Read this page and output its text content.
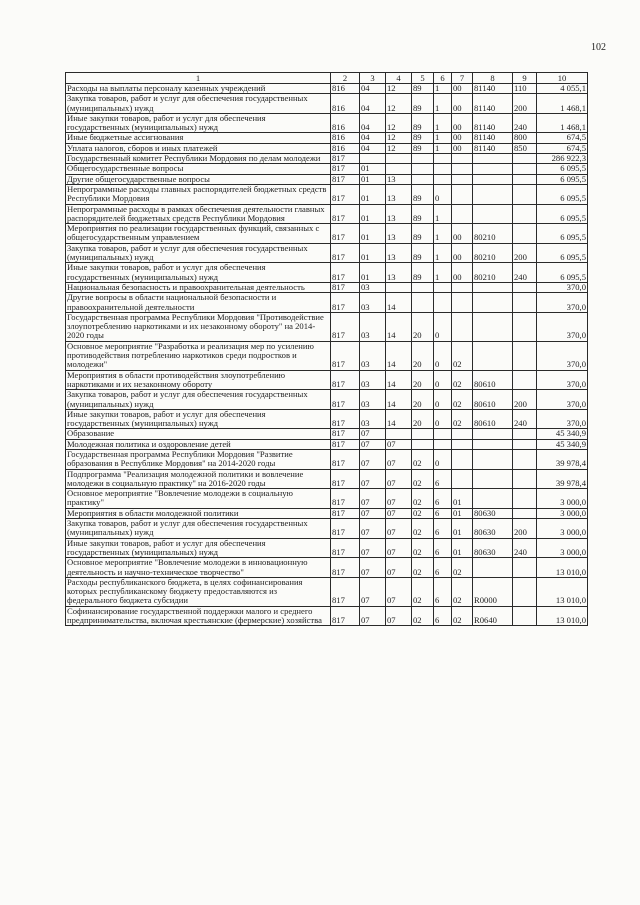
102
1	2	3	4	5	6	7	8	9	10
Расходы на выплаты персоналу казенных учреждений	816	04	12	89	1	00	81140	110	4 055,1
Закупка товаров, работ и услуг для обеспечения государственных (муниципальных) нужд	816	04	12	89	1	00	81140	200	1 468,1
Иные закупки товаров, работ и услуг для обеспечения государственных (муниципальных) нужд	816	04	12	89	1	00	81140	240	1 468,1
Иные бюджетные ассигнования	816	04	12	89	1	00	81140	800	674,5
Уплата налогов, сборов и иных платежей	816	04	12	89	1	00	81140	850	674,5
Государственный комитет Республики Мордовия по делам молодежи	817								286 922,3
Общегосударственные вопросы	817	01							6 095,5
Другие общегосударственные вопросы	817	01	13						6 095,5
Непрограммные расходы главных распорядителей бюджетных средств Республики Мордовия	817	01	13	89	0				6 095,5
Непрограммные расходы в рамках обеспечения деятельности главных распорядителей бюджетных средств Республики Мордовия	817	01	13	89	1				6 095,5
Мероприятия по реализации государственных функций, связанных с общегосударственным управлением	817	01	13	89	1	00	80210		6 095,5
Закупка товаров, работ и услуг для обеспечения государственных (муниципальных) нужд	817	01	13	89	1	00	80210	200	6 095,5
Иные закупки товаров, работ и услуг для обеспечения государственных (муниципальных) нужд	817	01	13	89	1	00	80210	240	6 095,5
Национальная безопасность и правоохранительная деятельность	817	03							370,0
Другие вопросы в области национальной безопасности и правоохранительной деятельности	817	03	14						370,0
Государственная программа Республики Мордовия "Противодействие злоупотреблению наркотиками и их незаконному обороту" на 2014-2020 годы	817	03	14	20	0				370,0
Основное мероприятие "Разработка и реализация мер по усилению противодействия потреблению наркотиков среди подростков и молодежи"	817	03	14	20	0	02			370,0
Мероприятия в области противодействия злоупотреблению наркотиками и их незаконному обороту	817	03	14	20	0	02	80610		370,0
Закупка товаров, работ и услуг для обеспечения государственных (муниципальных) нужд	817	03	14	20	0	02	80610	200	370,0
Иные закупки товаров, работ и услуг для обеспечения государственных (муниципальных) нужд	817	03	14	20	0	02	80610	240	370,0
Образование	817	07							45 340,9
Молодежная политика и оздоровление детей	817	07	07						45 340,9
Государственная программа Республики Мордовия "Развитие образования в Республике Мордовия" на 2014-2020 годы	817	07	07	02	0				39 978,4
Подпрограмма "Реализация молодежной политики и вовлечение молодежи в социальную практику" на 2016-2020 годы	817	07	07	02	6				39 978,4
Основное мероприятие "Вовлечение молодежи в социальную практику"	817	07	07	02	6	01			3 000,0
Мероприятия в области молодежной политики	817	07	07	02	6	01	80630		3 000,0
Закупка товаров, работ и услуг для обеспечения государственных (муниципальных) нужд	817	07	07	02	6	01	80630	200	3 000,0
Иные закупки товаров, работ и услуг для обеспечения государственных (муниципальных) нужд	817	07	07	02	6	01	80630	240	3 000,0
Основное мероприятие "Вовлечение молодежи в инновационную деятельность и научно-техническое творчество"	817	07	07	02	6	02			13 010,0
Расходы республиканского бюджета, в целях софинансирования которых республиканскому бюджету предоставляются из федерального бюджета субсидии	817	07	07	02	6	02	R0000		13 010,0
Софинансирование государственной поддержки малого и среднего предпринимательства, включая крестьянские (фермерские) хозяйства	817	07	07	02	6	02	R0640		13 010,0
